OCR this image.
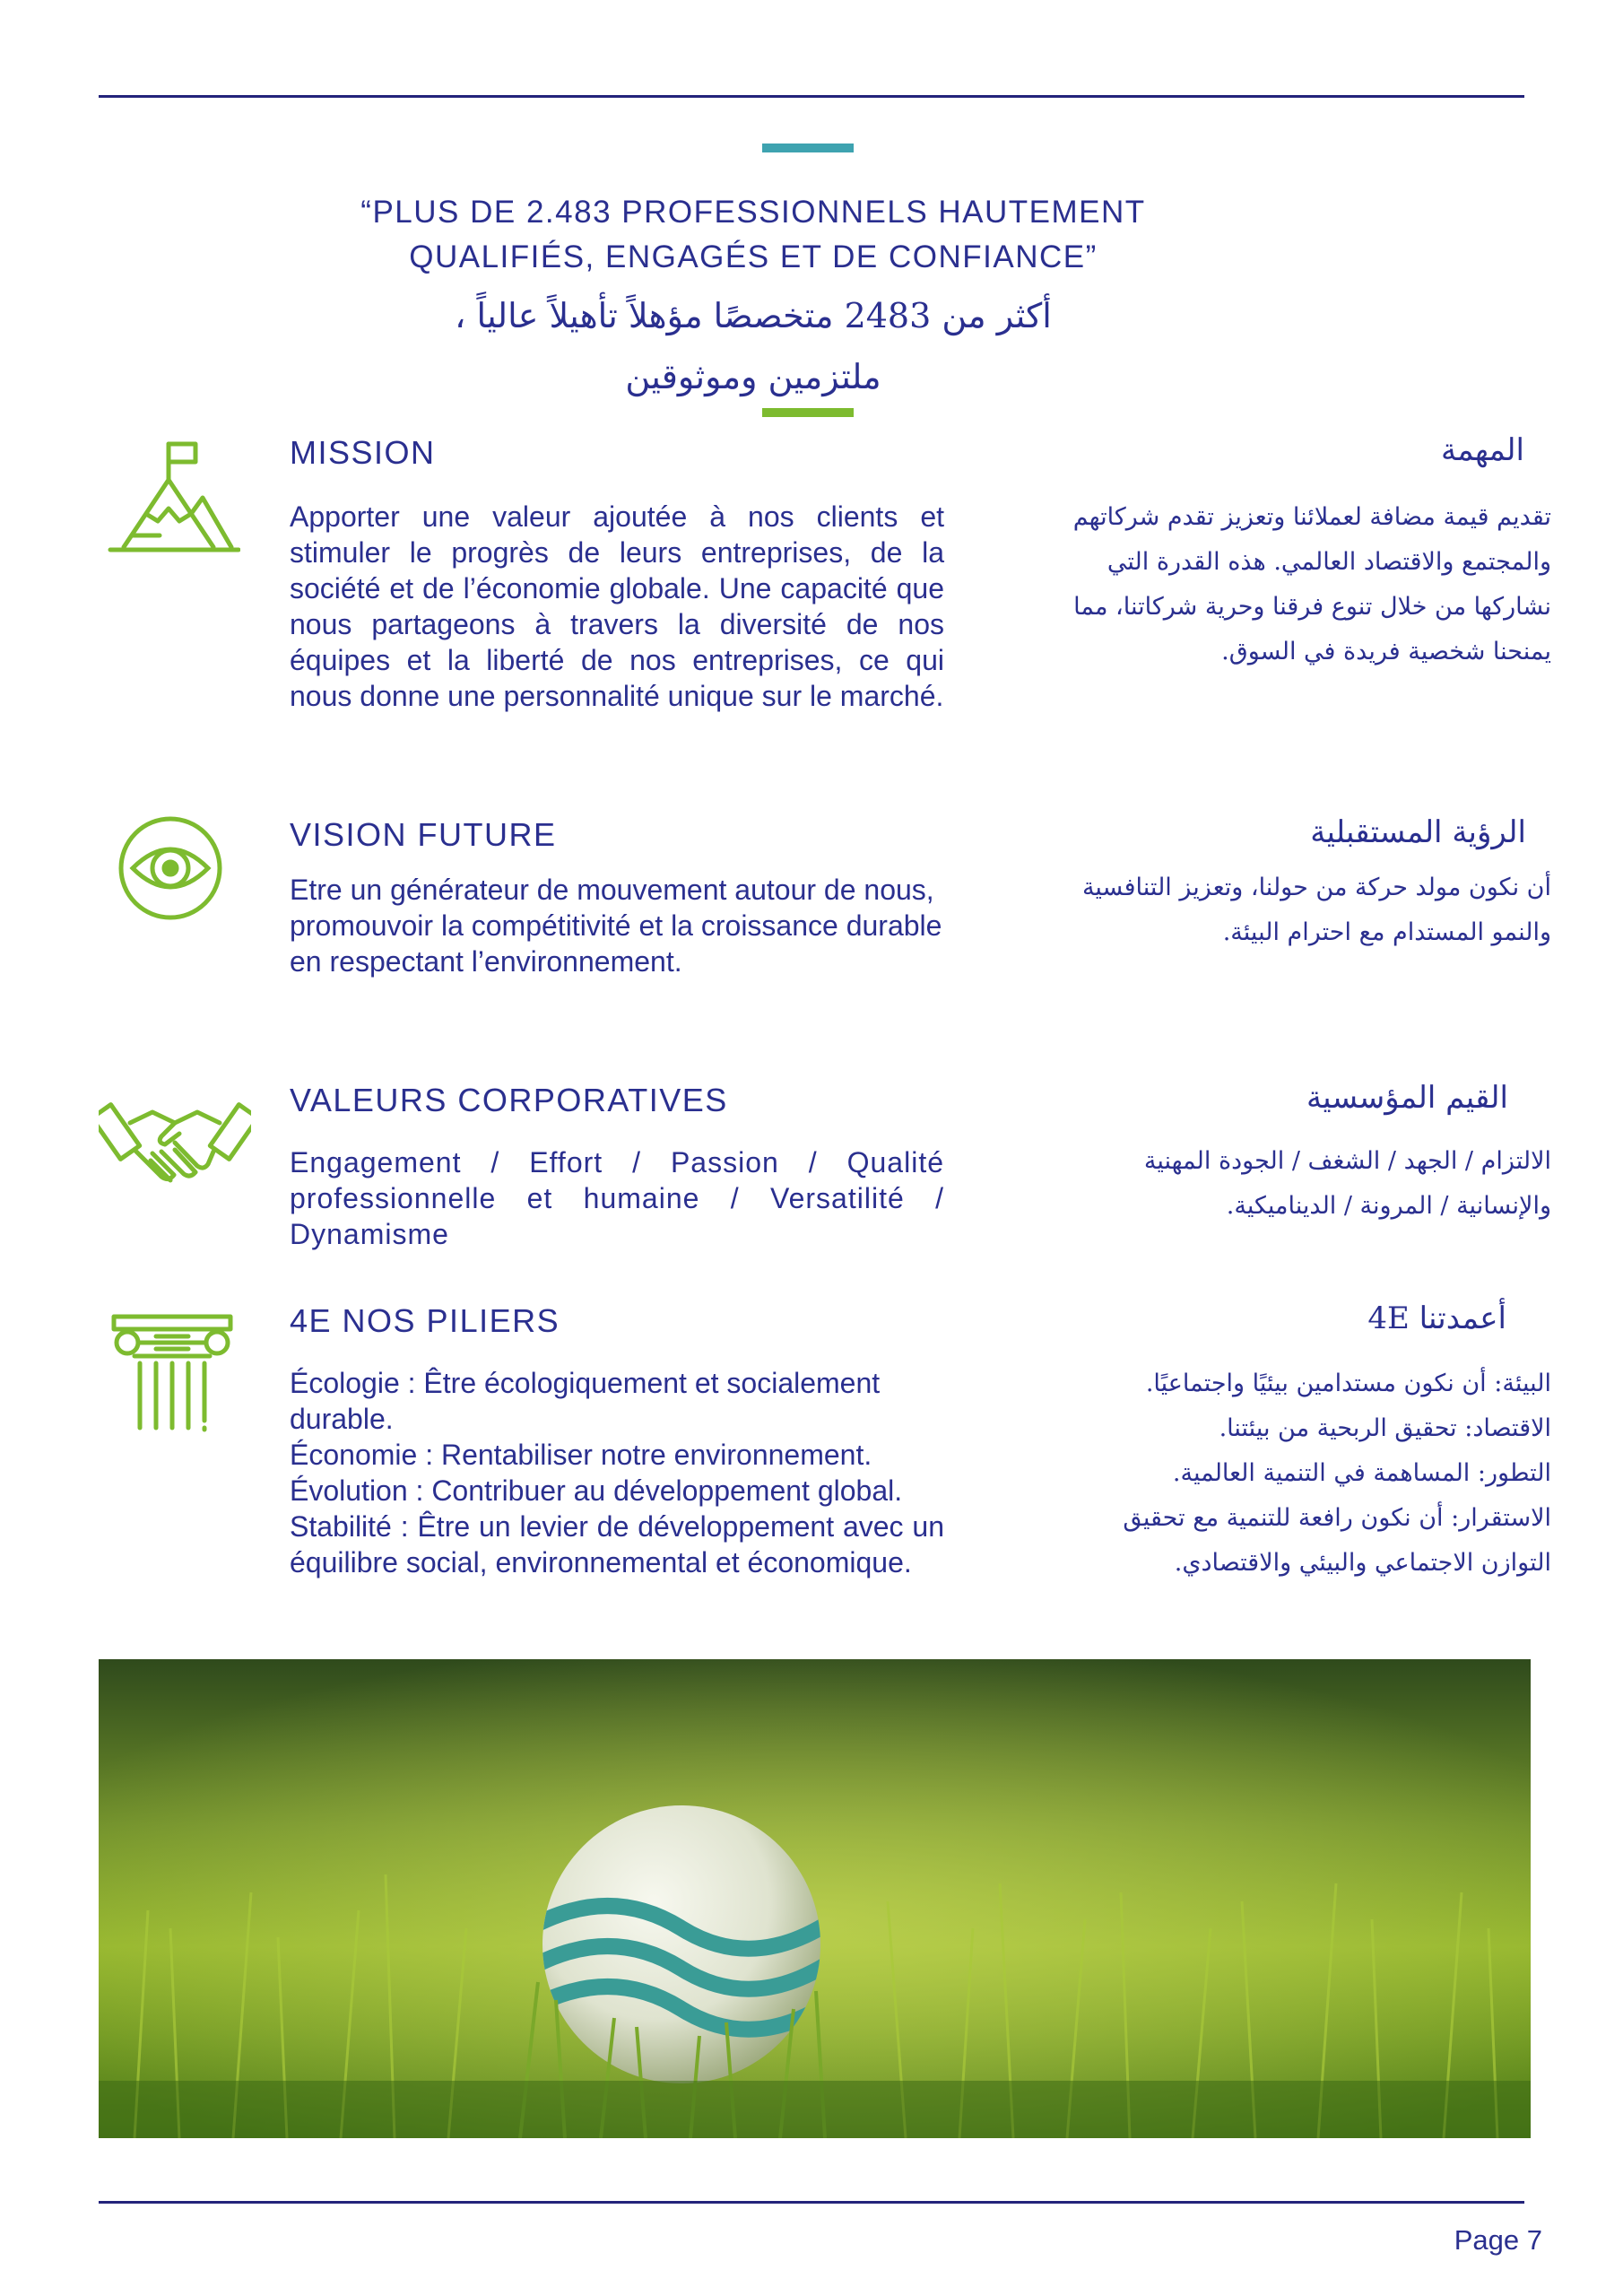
“PLUS DE 2.483 PROFESSIONNELS HAUTEMENT
QUALIFIÉS, ENGAGÉS ET DE CONFIANCE”
أكثر من 2483 متخصصًا مؤهلاً تأهيلاً عالياً ،
ملتزمين وموثوقين
MISSION
Apporter une valeur ajoutée à nos clients et stimuler le progrès de leurs entreprises, de la société et de l’économie globale. Une capacité que nous partageons à travers la diversité de nos équipes et la liberté de nos entreprises, ce qui nous donne une personnalité unique sur le marché.
المهمة
تقديم قيمة مضافة لعملائنا وتعزيز تقدم شركاتهم
والمجتمع والاقتصاد العالمي. هذه القدرة التي
نشاركها من خلال تنوع فرقنا وحرية شركاتنا، مما
يمنحنا شخصية فريدة في السوق.
VISION FUTURE
Etre un générateur de mouvement autour de nous, promouvoir la compétitivité et la croissance durable en respectant l’environnement.
الرؤية المستقبلية
أن نكون مولد حركة من حولنا، وتعزيز التنافسية
والنمو المستدام مع احترام البيئة.
VALEURS CORPORATIVES
Engagement / Effort / Passion / Qualité professionnelle et humaine / Versatilité / Dynamisme
القيم المؤسسية
الالتزام / الجهد / الشغف / الجودة المهنية
والإنسانية / المرونة / الديناميكية.
4E NOS PILIERS
Écologie : Être écologiquement et socialement durable.
Économie : Rentabiliser notre environnement.
Évolution : Contribuer au développement global.
Stabilité : Être un levier de développement avec un équilibre social, environnemental et économique.
أعمدتنا 4E
البيئة: أن نكون مستدامين بيئيًا واجتماعيًا.
الاقتصاد: تحقيق الربحية من بيئتنا.
التطور: المساهمة في التنمية العالمية.
الاستقرار: أن نكون رافعة للتنمية مع تحقيق
التوازن الاجتماعي والبيئي والاقتصادي.
Page 7
